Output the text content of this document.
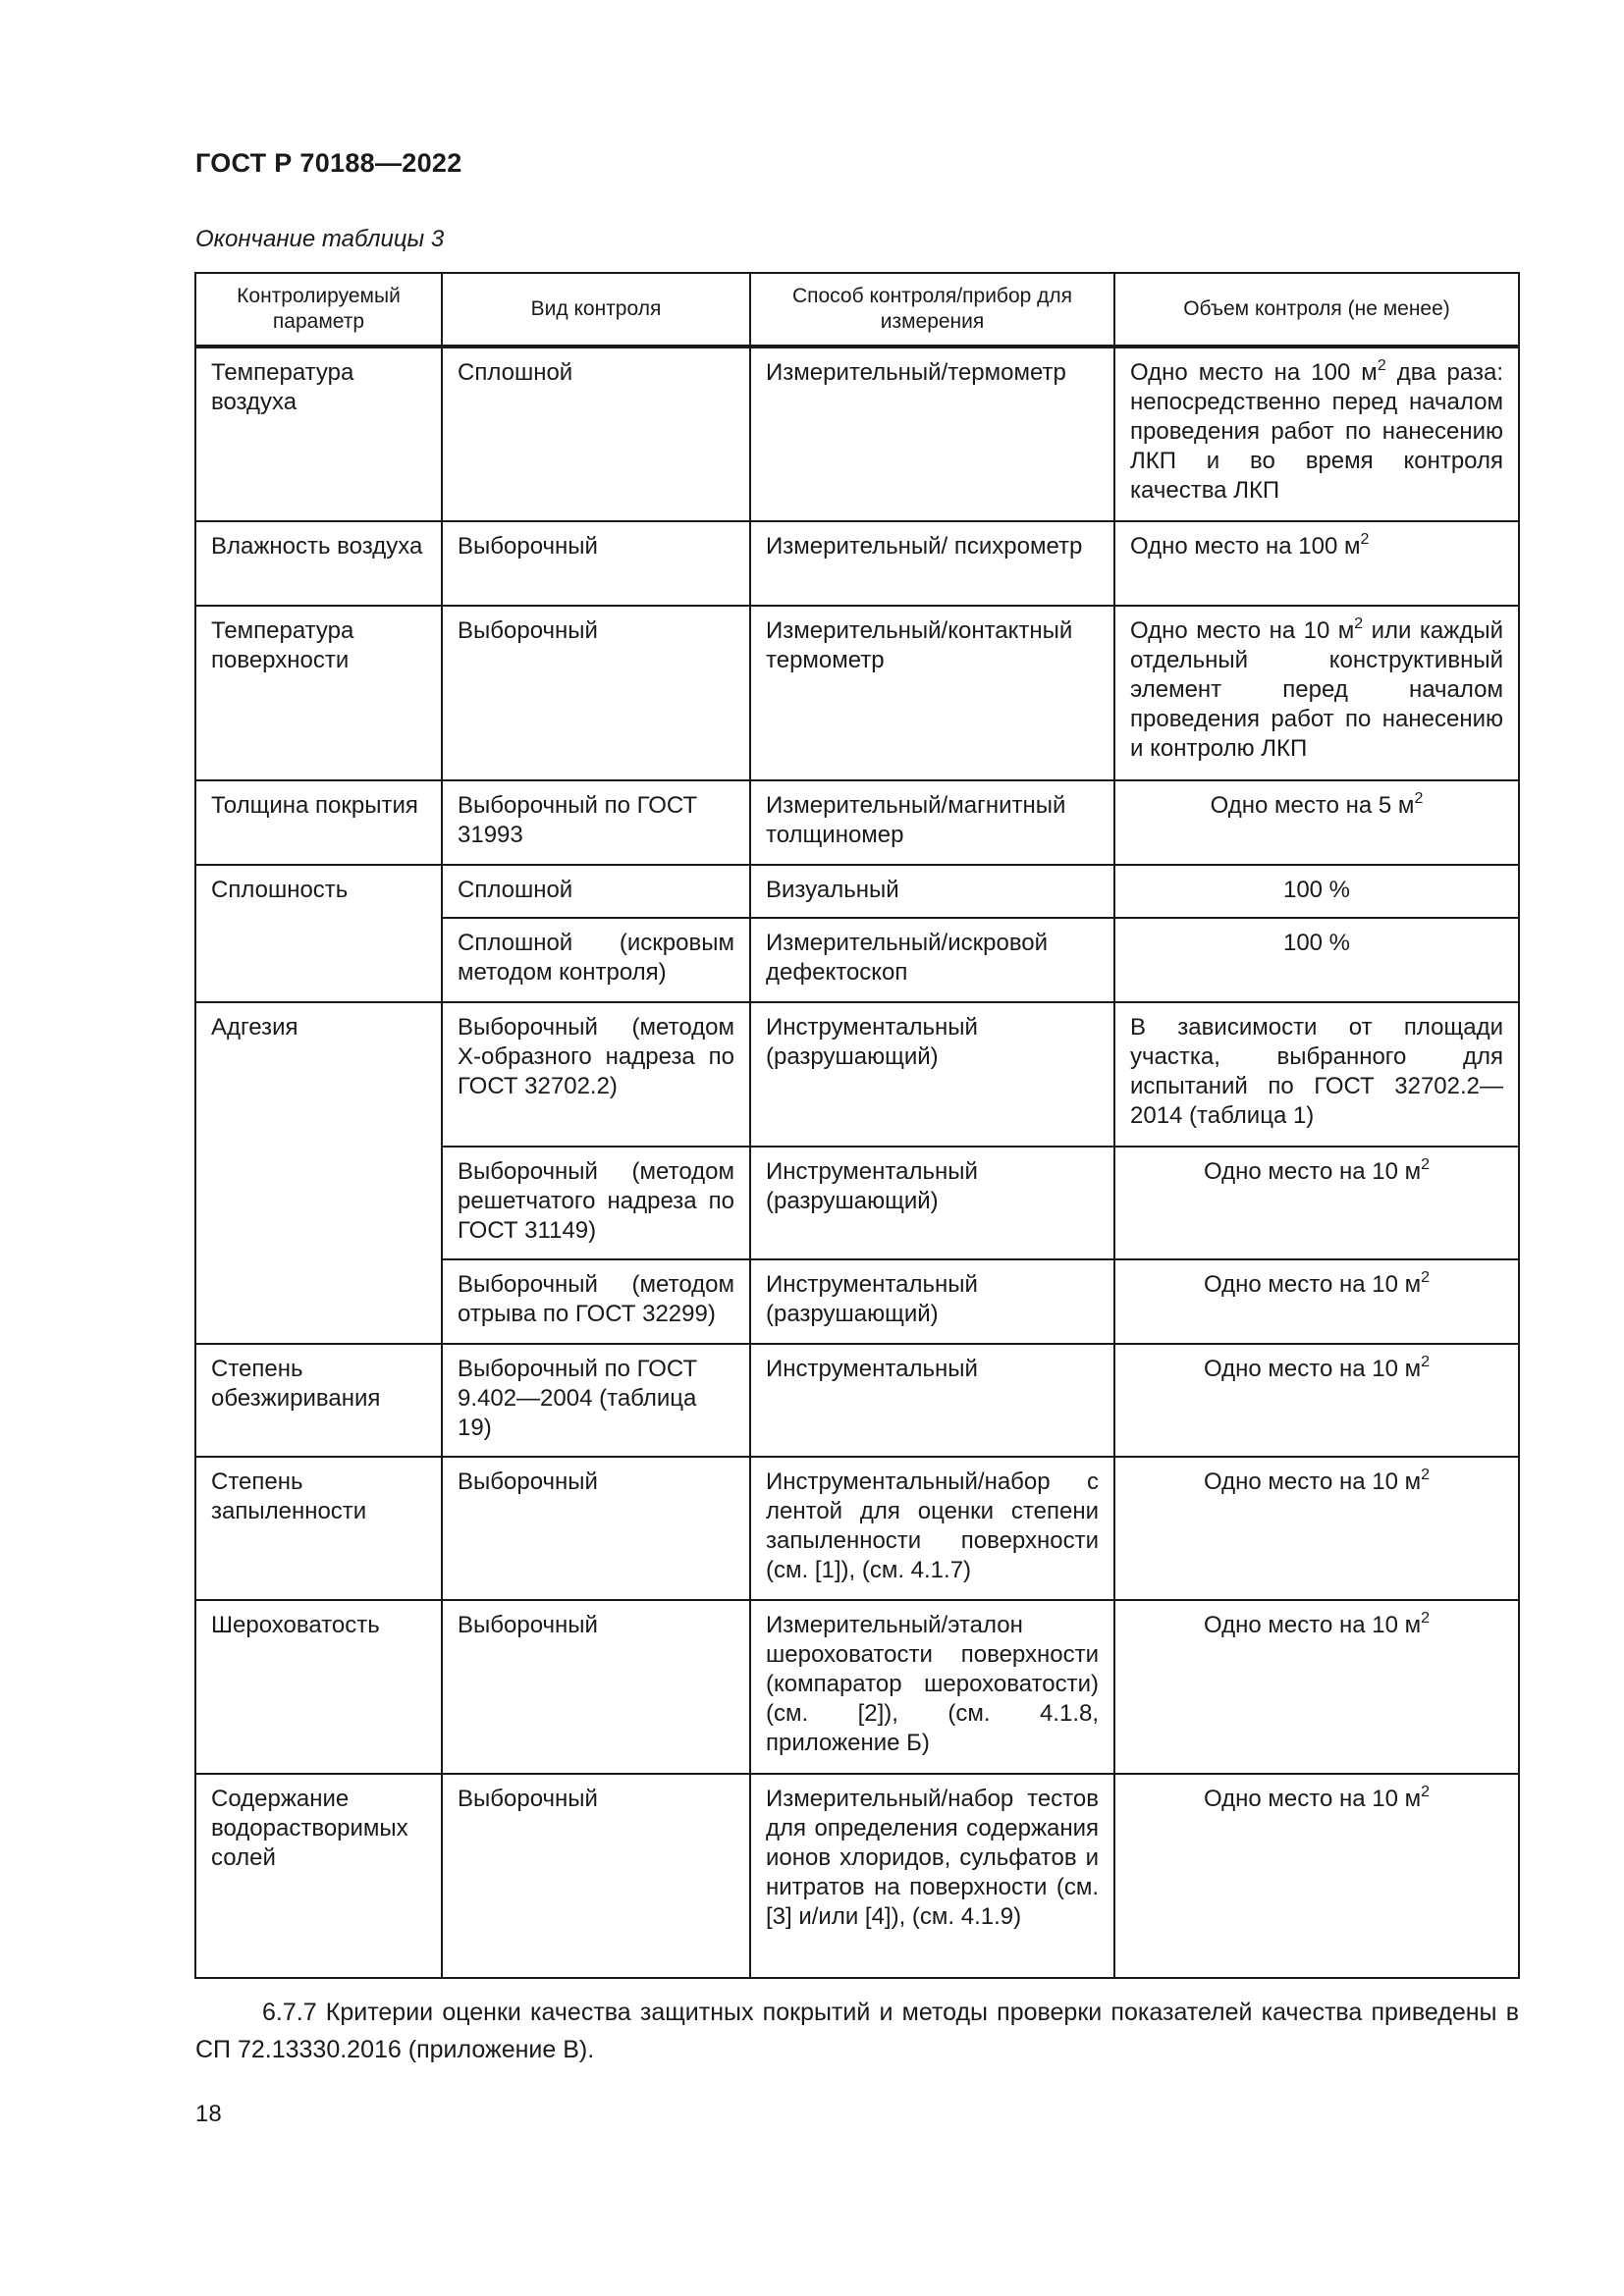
ГОСТ Р 70188—2022
Окончание таблицы 3
Контролируемый параметр	Вид контроля	Способ контроля/прибор для измерения	Объем контроля (не менее)
Температура воздуха	Сплошной	Измерительный/термометр	Одно место на 100 $м^2$ два раза: непосредственно перед началом проведения работ по нанесению ЛКП и во время контроля качества ЛКП
Влажность воздуха	Выборочный	Измерительный/ психрометр	Одно место на 100 $м^2$
Температура поверхности	Выборочный	Измерительный/контактный термометр	Одно место на 10 $м^2$ или каждый отдельный конструктивный элемент перед началом проведения работ по нанесению и контролю ЛКП
Толщина покрытия	Выборочный по ГОСТ 31993	Измерительный/магнитный толщиномер	Одно место на 5 $м^2$
Сплошность	Сплошной	Визуальный	100 %
	Сплошной (искровым методом контроля)	Измерительный/искровой дефектоскоп	100 %
Адгезия	Выборочный (методом Х-образного надреза по ГОСТ 32702.2)	Инструментальный (разрушающий)	В зависимости от площади участка, выбранного для испытаний по ГОСТ 32702.2—2014 (таблица 1)
	Выборочный (методом решетчатого надреза по ГОСТ 31149)	Инструментальный (разрушающий)	Одно место на 10 $м^2$
	Выборочный (методом отрыва по ГОСТ 32299)	Инструментальный (разрушающий)	Одно место на 10 $м^2$
Степень обезжиривания	Выборочный по ГОСТ 9.402—2004 (таблица 19)	Инструментальный	Одно место на 10 $м^2$
Степень запыленности	Выборочный	Инструментальный/набор с лентой для оценки степени запыленности поверхности (см. [1]), (см. 4.1.7)	Одно место на 10 $м^2$
Шероховатость	Выборочный	Измерительный/эталон шероховатости поверхности (компаратор шероховатости) (см. [2]), (см. 4.1.8, приложение Б)	Одно место на 10 $м^2$
Содержание водорастворимых солей	Выборочный	Измерительный/набор тестов для определения содержания ионов хлоридов, сульфатов и нитратов на поверхности (см. [3] и/или [4]), (см. 4.1.9)	Одно место на 10 $м^2$
6.7.7 Критерии оценки качества защитных покрытий и методы проверки показателей качества приведены в СП 72.13330.2016 (приложение В).
18
